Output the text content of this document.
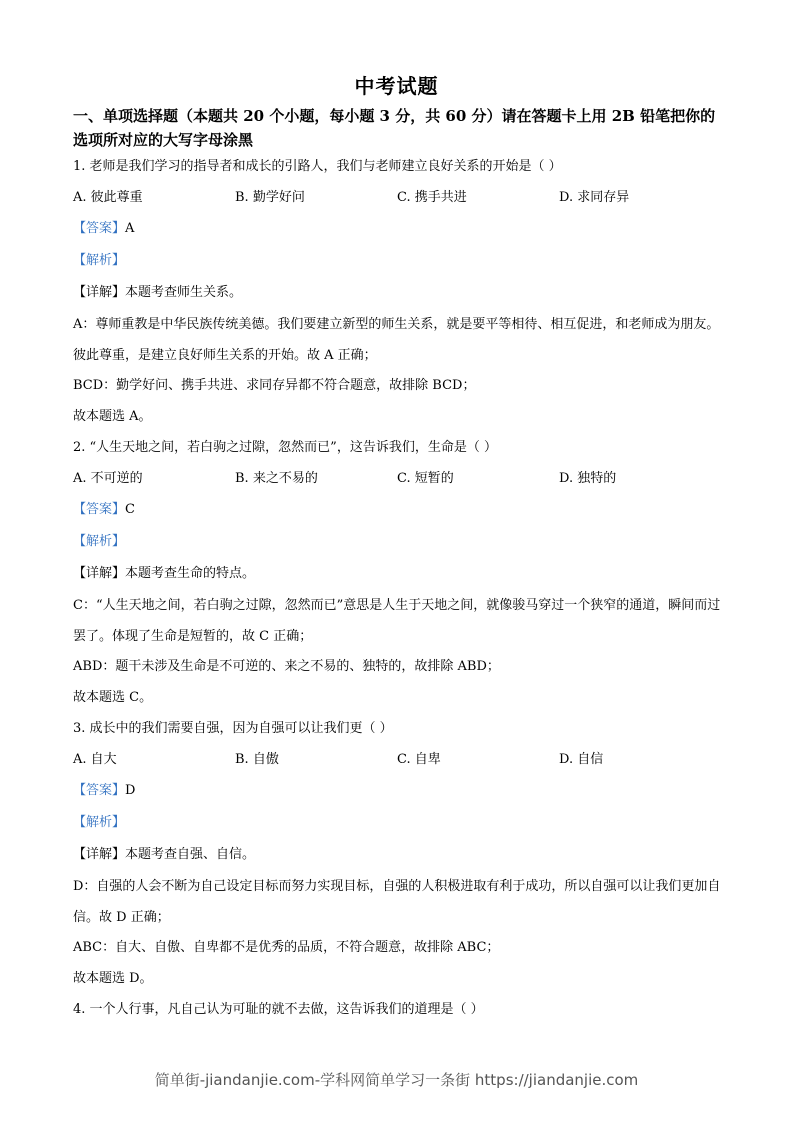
中考试题
一、单项选择题（本题共 20 个小题，每小题 3 分，共 60 分）请在答题卡上用 2B 铅笔把你的选项所对应的大写字母涂黑
1. 老师是我们学习的指导者和成长的引路人，我们与老师建立良好关系的开始是（ ）
A. 彼此尊重	B. 勤学好问	C. 携手共进	D. 求同存异
【答案】A
【解析】
【详解】本题考查师生关系。
A：尊师重教是中华民族传统美德。我们要建立新型的师生关系，就是要平等相待、相互促进，和老师成为朋友。彼此尊重，是建立良好师生关系的开始。故 A 正确；
BCD：勤学好问、携手共进、求同存异都不符合题意，故排除 BCD；
故本题选 A。
2. “人生天地之间，若白驹之过隙，忽然而已”，这告诉我们，生命是（ ）
A. 不可逆的	B. 来之不易的	C. 短暂的	D. 独特的
【答案】C
【解析】
【详解】本题考查生命的特点。
C：“人生天地之间，若白驹之过隙，忽然而已”意思是人生于天地之间，就像骏马穿过一个狭窄的通道，瞬间而过罢了。体现了生命是短暂的，故 C 正确；
ABD：题干未涉及生命是不可逆的、来之不易的、独特的，故排除 ABD；
故本题选 C。
3. 成长中的我们需要自强，因为自强可以让我们更（ ）
A. 自大	B. 自傲	C. 自卑	D. 自信
【答案】D
【解析】
【详解】本题考查自强、自信。
D：自强的人会不断为自己设定目标而努力实现目标，自强的人积极进取有利于成功，所以自强可以让我们更加自信。故 D 正确；
ABC：自大、自傲、自卑都不是优秀的品质，不符合题意，故排除 ABC；
故本题选 D。
4. 一个人行事，凡自己认为可耻的就不去做，这告诉我们的道理是（ ）
简单街-jiandanjie.com-学科网简单学习一条街 https://jiandanjie.com
